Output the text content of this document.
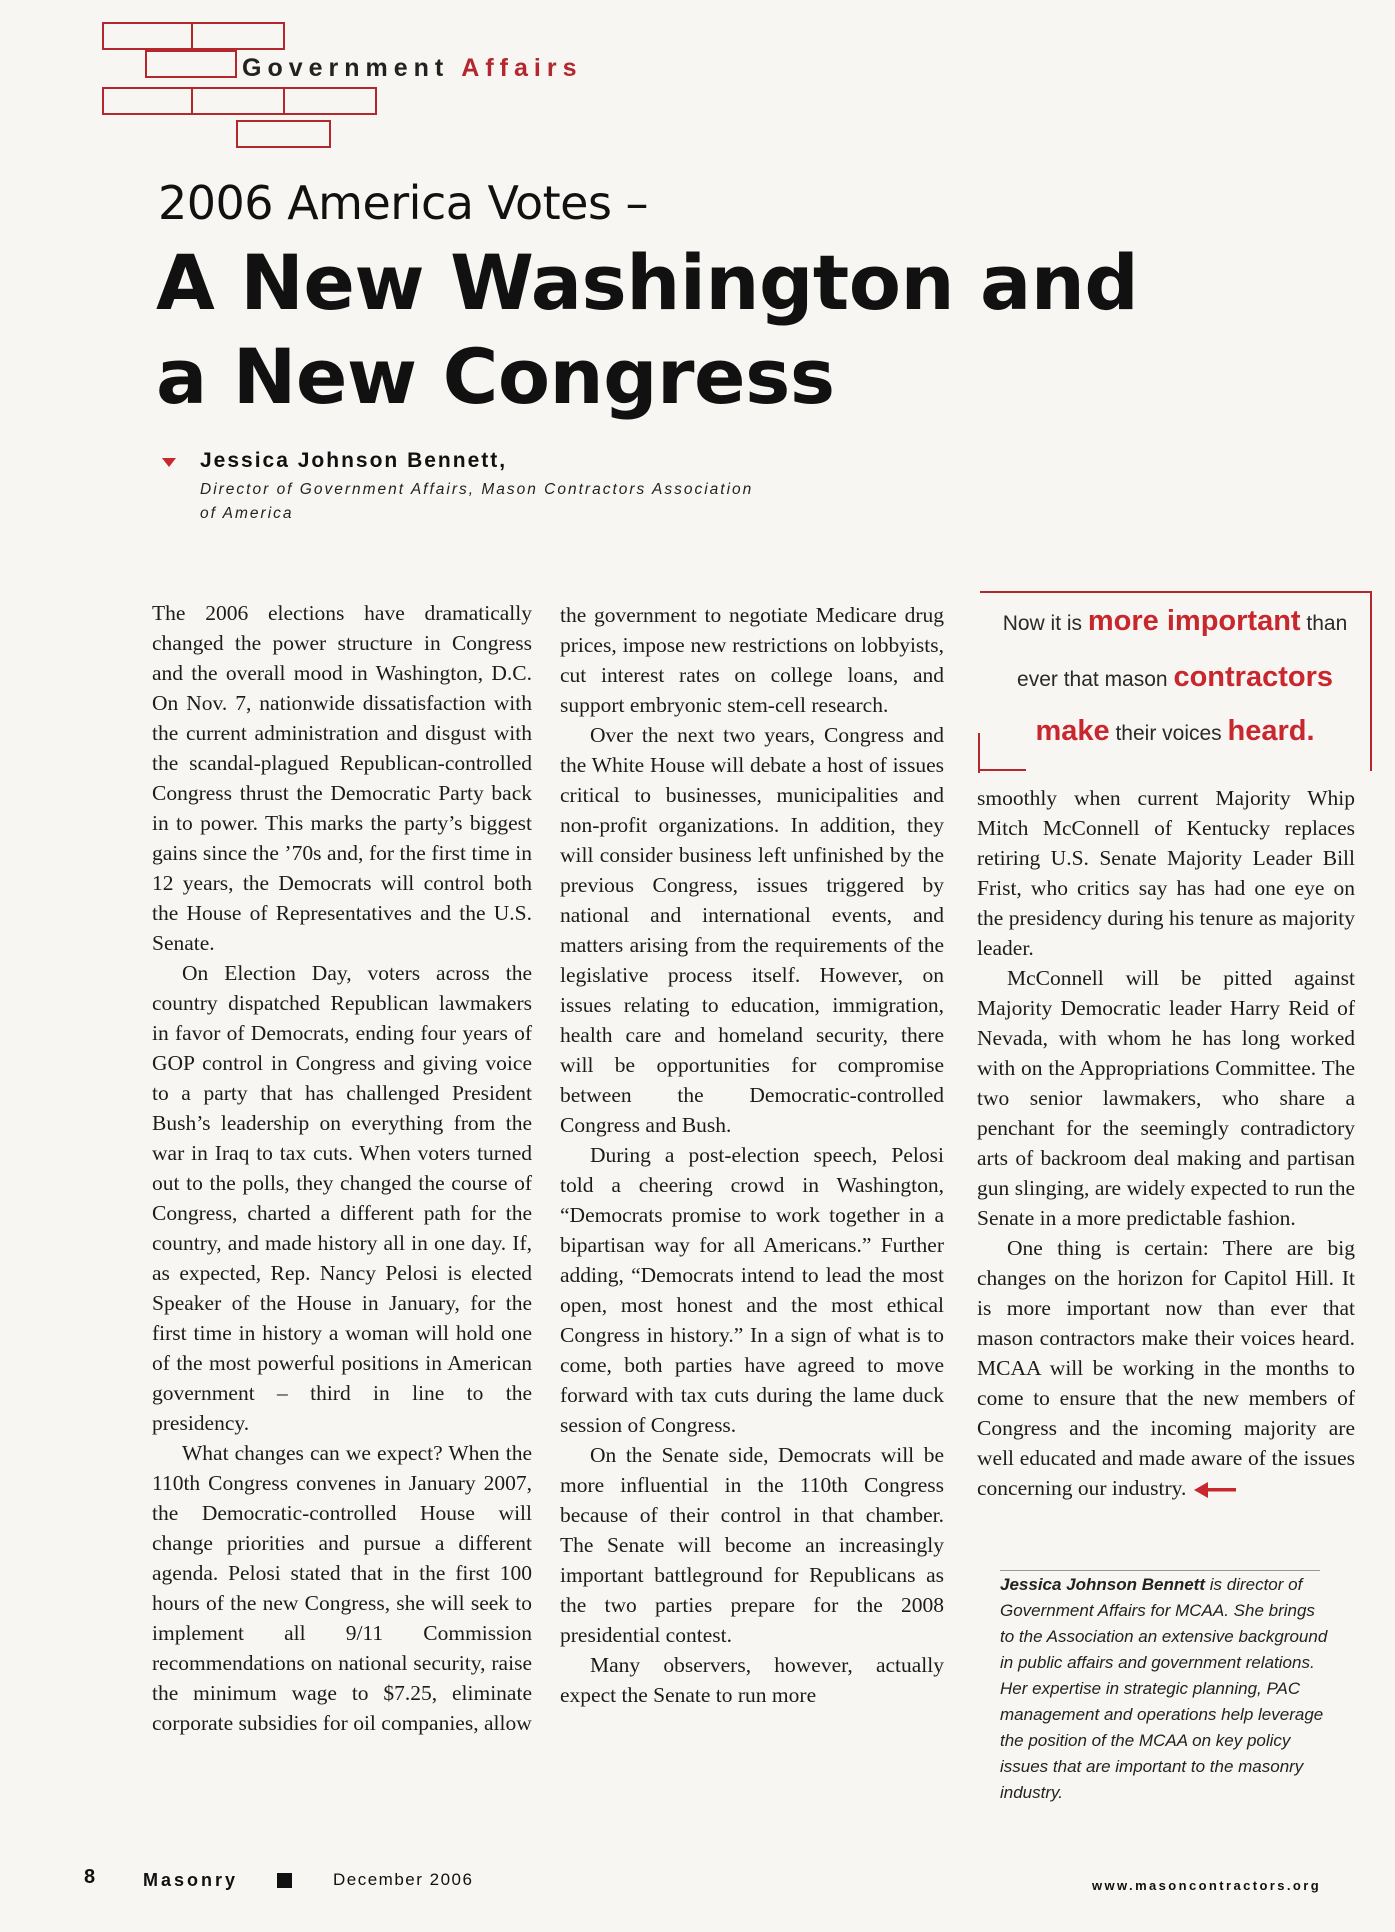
Government Affairs
2006 America Votes –
A New Washington and
a New Congress
Jessica Johnson Bennett,
Director of Government Affairs, Mason Contractors Association of America

The 2006 elections have dramatically changed the power structure in Congress and the overall mood in Washington, D.C. On Nov. 7, nationwide dissatisfaction with the current administration and disgust with the scandal-plagued Republican-controlled Congress thrust the Democratic Party back in to power. This marks the party’s biggest gains since the ’70s and, for the first time in 12 years, the Democrats will control both the House of Representatives and the U.S. Senate.

On Election Day, voters across the country dispatched Republican lawmakers in favor of Democrats, ending four years of GOP control in Congress and giving voice to a party that has challenged President Bush’s leadership on everything from the war in Iraq to tax cuts. When voters turned out to the polls, they changed the course of Congress, charted a different path for the country, and made history all in one day. If, as expected, Rep. Nancy Pelosi is elected Speaker of the House in January, for the first time in history a woman will hold one of the most powerful positions in American government – third in line to the presidency.

What changes can we expect? When the 110th Congress convenes in January 2007, the Democratic-controlled House will change priorities and pursue a different agenda. Pelosi stated that in the first 100 hours of the new Congress, she will seek to implement all 9/11 Commission recommendations on national security, raise the minimum wage to $7.25, eliminate corporate subsidies for oil companies, allow

the government to negotiate Medicare drug prices, impose new restrictions on lobbyists, cut interest rates on college loans, and support embryonic stem-cell research.

Over the next two years, Congress and the White House will debate a host of issues critical to businesses, municipalities and non-profit organizations. In addition, they will consider business left unfinished by the previous Congress, issues triggered by national and international events, and matters arising from the requirements of the legislative process itself. However, on issues relating to education, immigration, health care and homeland security, there will be opportunities for compromise between the Democratic-controlled Congress and Bush.

During a post-election speech, Pelosi told a cheering crowd in Washington, “Democrats promise to work together in a bipartisan way for all Americans.” Further adding, “Democrats intend to lead the most open, most honest and the most ethical Congress in history.” In a sign of what is to come, both parties have agreed to move forward with tax cuts during the lame duck session of Congress.

On the Senate side, Democrats will be more influential in the 110th Congress because of their control in that chamber. The Senate will become an increasingly important battleground for Republicans as the two parties prepare for the 2008 presidential contest.

Many observers, however, actually expect the Senate to run more

Now it is more important than
ever that mason contractors
make their voices heard.

smoothly when current Majority Whip Mitch McConnell of Kentucky replaces retiring U.S. Senate Majority Leader Bill Frist, who critics say has had one eye on the presidency during his tenure as majority leader.

McConnell will be pitted against Majority Democratic leader Harry Reid of Nevada, with whom he has long worked with on the Appropriations Committee. The two senior lawmakers, who share a penchant for the seemingly contradictory arts of backroom deal making and partisan gun slinging, are widely expected to run the Senate in a more predictable fashion.

One thing is certain: There are big changes on the horizon for Capitol Hill. It is more important now than ever that mason contractors make their voices heard. MCAA will be working in the months to come to ensure that the new members of Congress and the incoming majority are well educated and made aware of the issues concerning our industry.

Jessica Johnson Bennett is director of Government Affairs for MCAA. She brings to the Association an extensive background in public affairs and government relations. Her expertise in strategic planning, PAC management and operations help leverage the position of the MCAA on key policy issues that are important to the masonry industry.
8	Masonry	December 2006	www.masoncontractors.org
